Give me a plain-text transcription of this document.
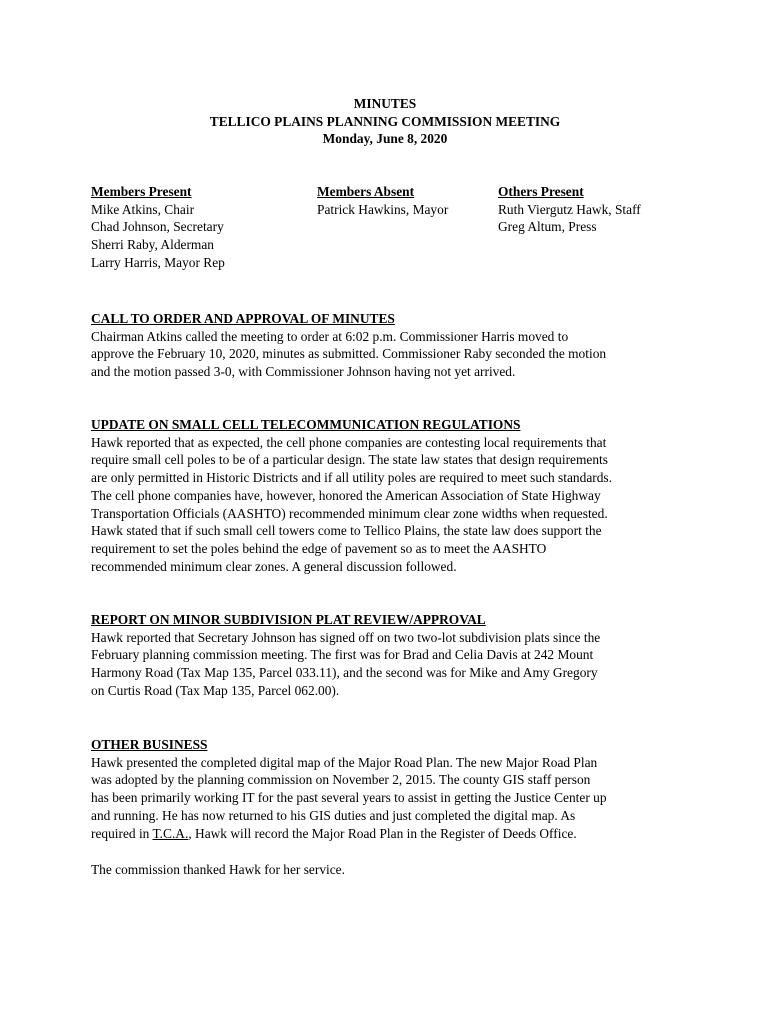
MINUTES
TELLICO PLAINS PLANNING COMMISSION MEETING
Monday, June 8, 2020
Members Present
Mike Atkins, Chair
Chad Johnson, Secretary
Sherri Raby, Alderman
Larry Harris, Mayor Rep
Members Absent
Patrick Hawkins, Mayor
Others Present
Ruth Viergutz Hawk, Staff
Greg Altum, Press
CALL TO ORDER AND APPROVAL OF MINUTES

Chairman Atkins called the meeting to order at 6:02 p.m. Commissioner Harris moved to
approve the February 10, 2020, minutes as submitted. Commissioner Raby seconded the motion
and the motion passed 3-0, with Commissioner Johnson having not yet arrived.

UPDATE ON SMALL CELL TELECOMMUNICATION REGULATIONS

Hawk reported that as expected, the cell phone companies are contesting local requirements that
require small cell poles to be of a particular design. The state law states that design requirements
are only permitted in Historic Districts and if all utility poles are required to meet such standards.
The cell phone companies have, however, honored the American Association of State Highway
Transportation Officials (AASHTO) recommended minimum clear zone widths when requested.
Hawk stated that if such small cell towers come to Tellico Plains, the state law does support the
requirement to set the poles behind the edge of pavement so as to meet the AASHTO
recommended minimum clear zones. A general discussion followed.

REPORT ON MINOR SUBDIVISION PLAT REVIEW/APPROVAL

Hawk reported that Secretary Johnson has signed off on two two-lot subdivision plats since the
February planning commission meeting. The first was for Brad and Celia Davis at 242 Mount
Harmony Road (Tax Map 135, Parcel 033.11), and the second was for Mike and Amy Gregory
on Curtis Road (Tax Map 135, Parcel 062.00).

OTHER BUSINESS

Hawk presented the completed digital map of the Major Road Plan. The new Major Road Plan
was adopted by the planning commission on November 2, 2015. The county GIS staff person
has been primarily working IT for the past several years to assist in getting the Justice Center up
and running. He has now returned to his GIS duties and just completed the digital map. As
required in T.C.A., Hawk will record the Major Road Plan in the Register of Deeds Office.

The commission thanked Hawk for her service.
